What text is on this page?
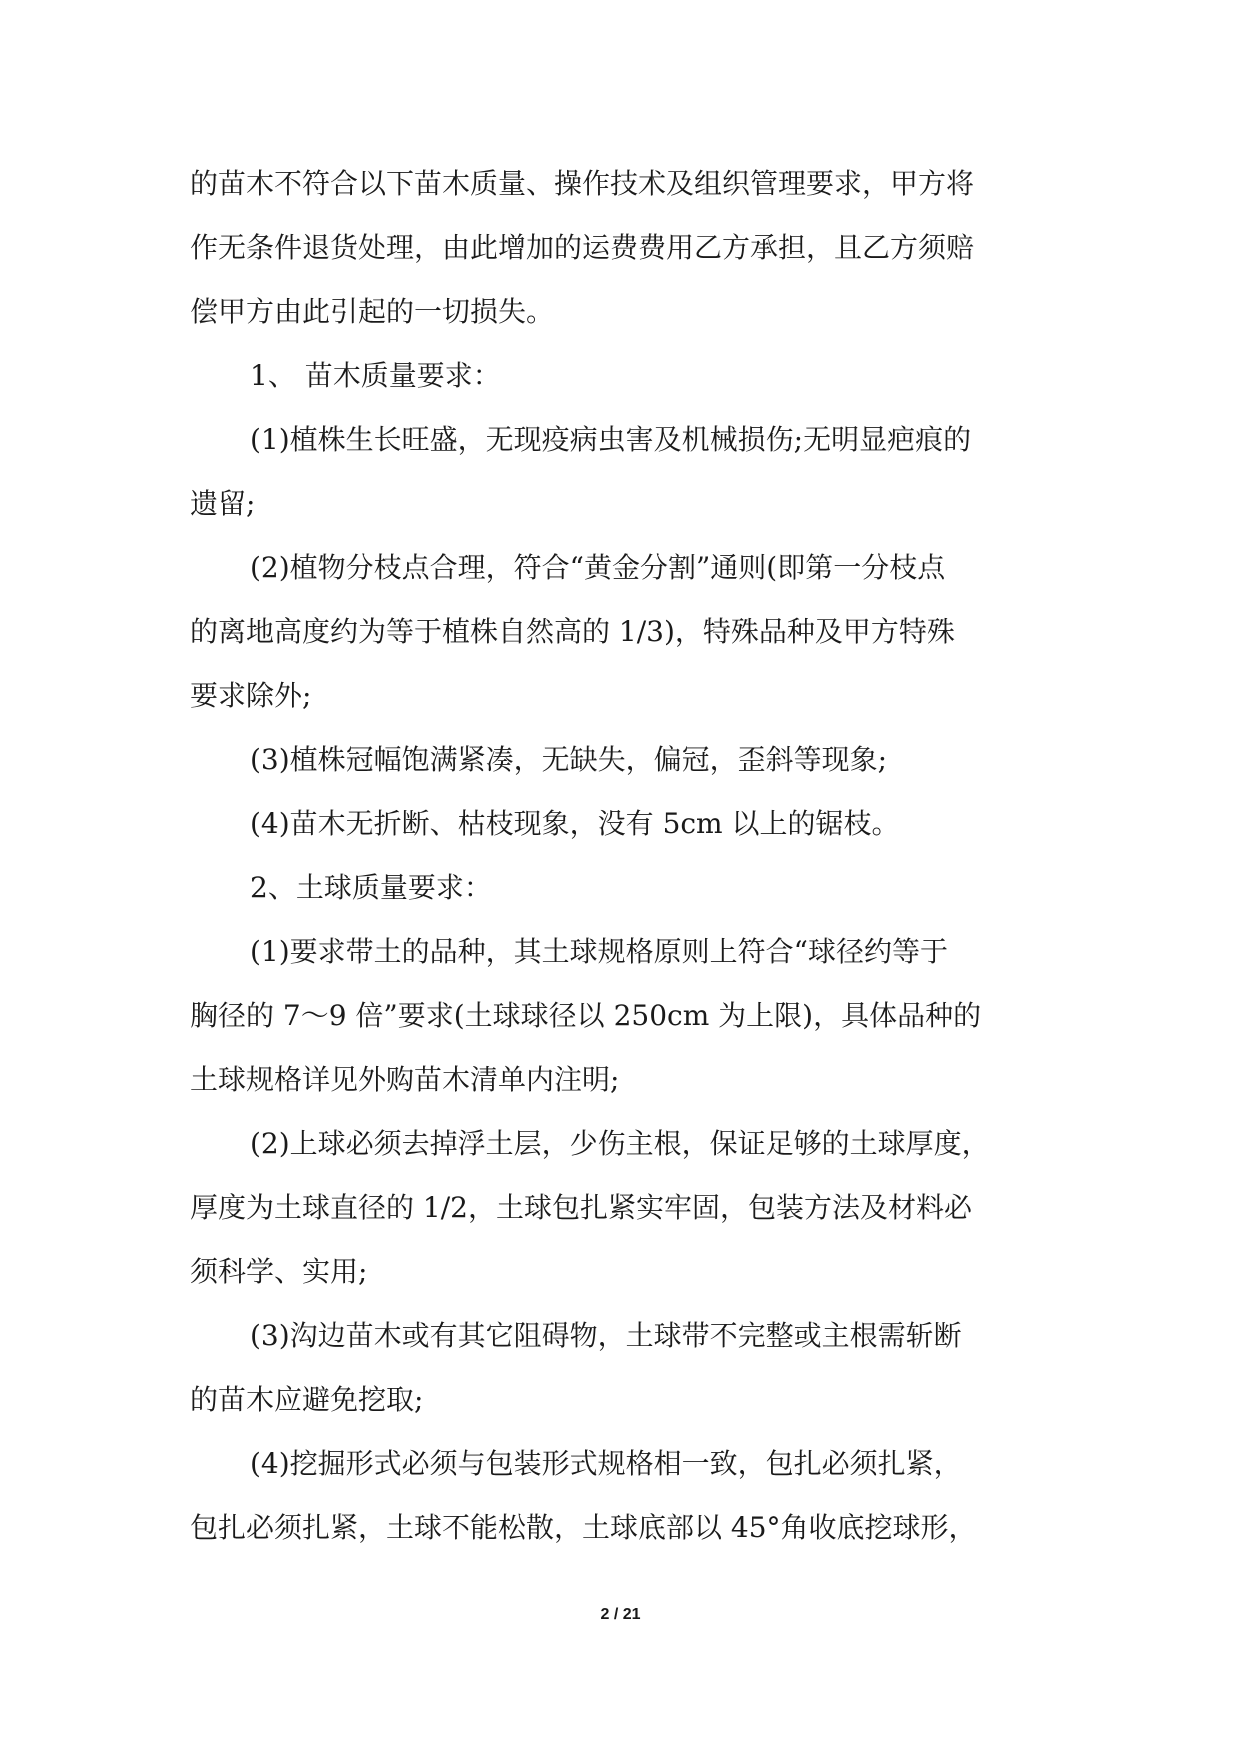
的苗木不符合以下苗木质量、操作技术及组织管理要求，甲方将
作无条件退货处理，由此增加的运费费用乙方承担，且乙方须赔
偿甲方由此引起的一切损失。
1、 苗木质量要求：
(1)植株生长旺盛，无现疫病虫害及机械损伤;无明显疤痕的
遗留;
(2)植物分枝点合理，符合“黄金分割”通则(即第一分枝点
的离地高度约为等于植株自然高的 1/3)，特殊品种及甲方特殊
要求除外;
(3)植株冠幅饱满紧凑，无缺失，偏冠，歪斜等现象;
(4)苗木无折断、枯枝现象，没有 5cm 以上的锯枝。
2、土球质量要求：
(1)要求带土的品种，其土球规格原则上符合“球径约等于
胸径的 7～9 倍”要求(土球球径以 250cm 为上限)，具体品种的
土球规格详见外购苗木清单内注明;
(2)上球必须去掉浮土层，少伤主根，保证足够的土球厚度，
厚度为土球直径的 1/2，土球包扎紧实牢固，包装方法及材料必
须科学、实用;
(3)沟边苗木或有其它阻碍物，土球带不完整或主根需斩断
的苗木应避免挖取;
(4)挖掘形式必须与包装形式规格相一致，包扎必须扎紧，
包扎必须扎紧，土球不能松散，土球底部以 45°角收底挖球形，
2 / 21
